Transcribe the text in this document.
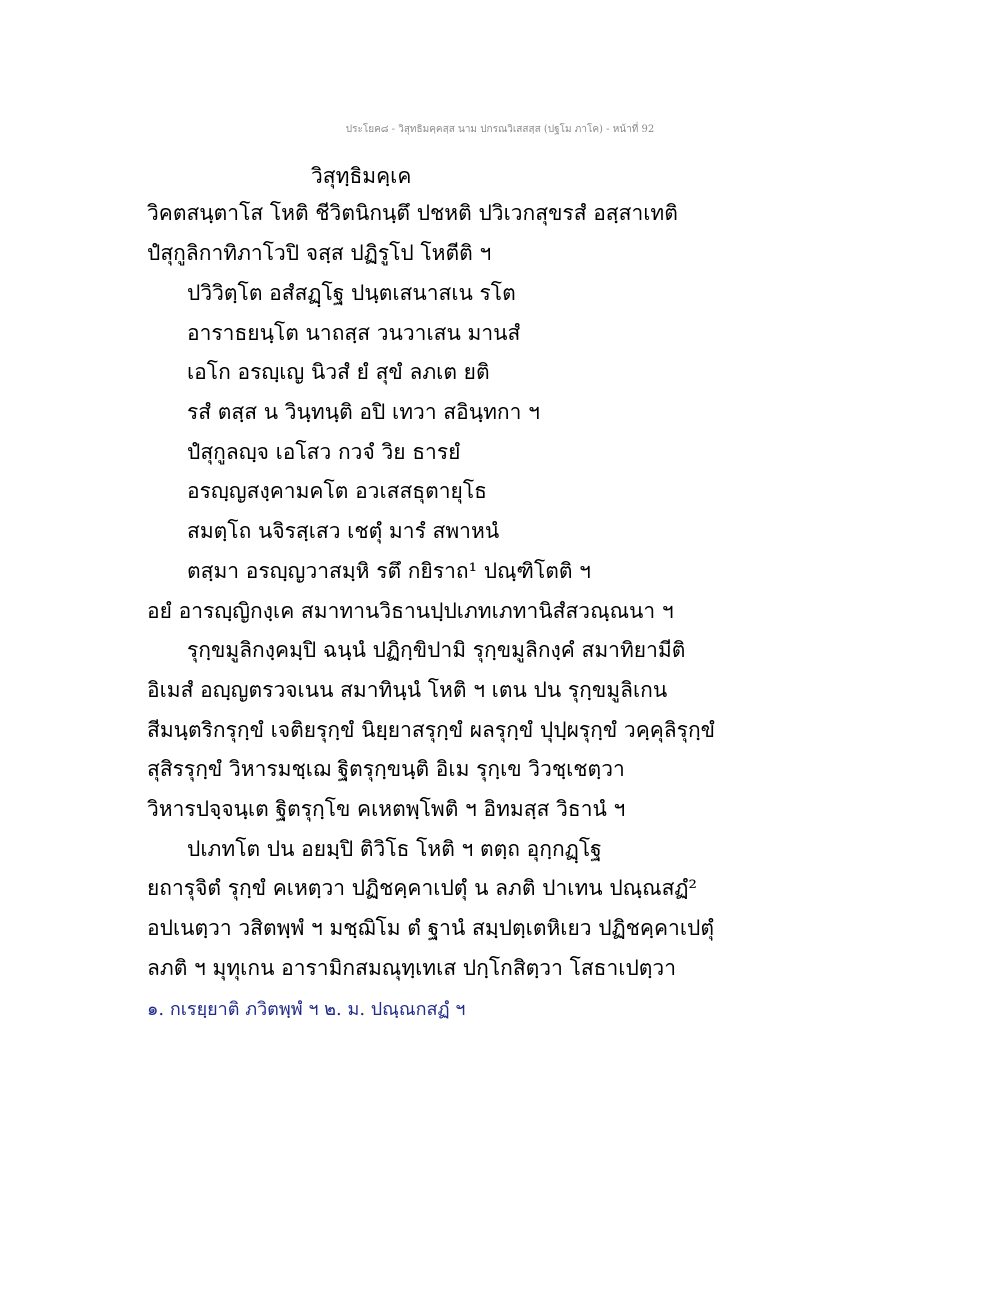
ประโยค๘ - วิสุทธิมคฺคสฺส นาม ปกรณวิเสสสฺส (ปฐโม ภาโค) - หน้าที่ 92
วิสุทฺธิมคฺเค
วิคตสนฺตาโส โหติ ชีวิตนิกนฺตึ ปชหติ ปวิเวกสุขรสํ อสฺสาเทติ
ปํสุกูลิกาทิภาโวปิ จสฺส ปฏิรูโป โหตีติ ฯ
ปวิวิตฺโต อสํสฏฺโฐ ปนฺตเสนาสเน รโต
อาราธยนฺโต นาถสฺส วนวาเสน มานสํ
เอโก อรญฺเญ นิวสํ ยํ สุขํ ลภเต ยติ
รสํ ตสฺส น วินฺทนฺติ อปิ เทวา สอินฺทกา ฯ
ปํสุกูลญฺจ เอโสว กวจํ วิย ธารยํ
อรญฺญสงฺคามคโต อวเสสธุตายุโธ
สมตฺโถ นจิรสฺเสว เชตุํ มารํ สพาหนํ
ตสฺมา อรญฺญวาสมฺหิ รตึ กยิราถ¹ ปณฺฑิโตติ ฯ
อยํ อารญฺญิกงฺเค สมาทานวิธานปฺปเภทเภทานิสํสวณฺณนา ฯ
รุกฺขมูลิกงฺคมฺปิ ฉนฺนํ ปฏิกฺขิปามิ รุกฺขมูลิกงฺคํ สมาทิยามีติ
อิเมสํ อญฺญตรวจเนน สมาทินฺนํ โหติ ฯ เตน ปน รุกฺขมูลิเกน
สีมนฺตริกรุกฺขํ เจติยรุกฺขํ นิยฺยาสรุกฺขํ ผลรุกฺขํ ปุปฺผรุกฺขํ วคฺคุลิรุกฺขํ
สุสิรรุกฺขํ วิหารมชฺเฌ ฐิตรุกฺขนฺติ อิเม รุกฺเข วิวชฺเชตฺวา
วิหารปจฺจนฺเต ฐิตรุกฺโข คเหตพฺโพติ ฯ อิทมสฺส วิธานํ ฯ
ปเภทโต ปน อยมฺปิ ติวิโธ โหติ ฯ ตตฺถ อุกฺกฏฺโฐ
ยถารุจิตํ รุกฺขํ คเหตฺวา ปฏิชคฺคาเปตุํ น ลภติ ปาเทน ปณฺณสฏํ²
อปเนตฺวา วสิตพฺพํ ฯ มชฺฌิโม ตํ ฐานํ สมฺปตฺเตหิเยว ปฏิชคฺคาเปตุํ
ลภติ ฯ มุทุเกน อารามิกสมณุทฺเทเส ปกฺโกสิตฺวา โสธาเปตฺวา
๑. กเรยฺยาติ ภวิตพฺพํ ฯ ๒. ม. ปณฺณกสฏํ ฯ
